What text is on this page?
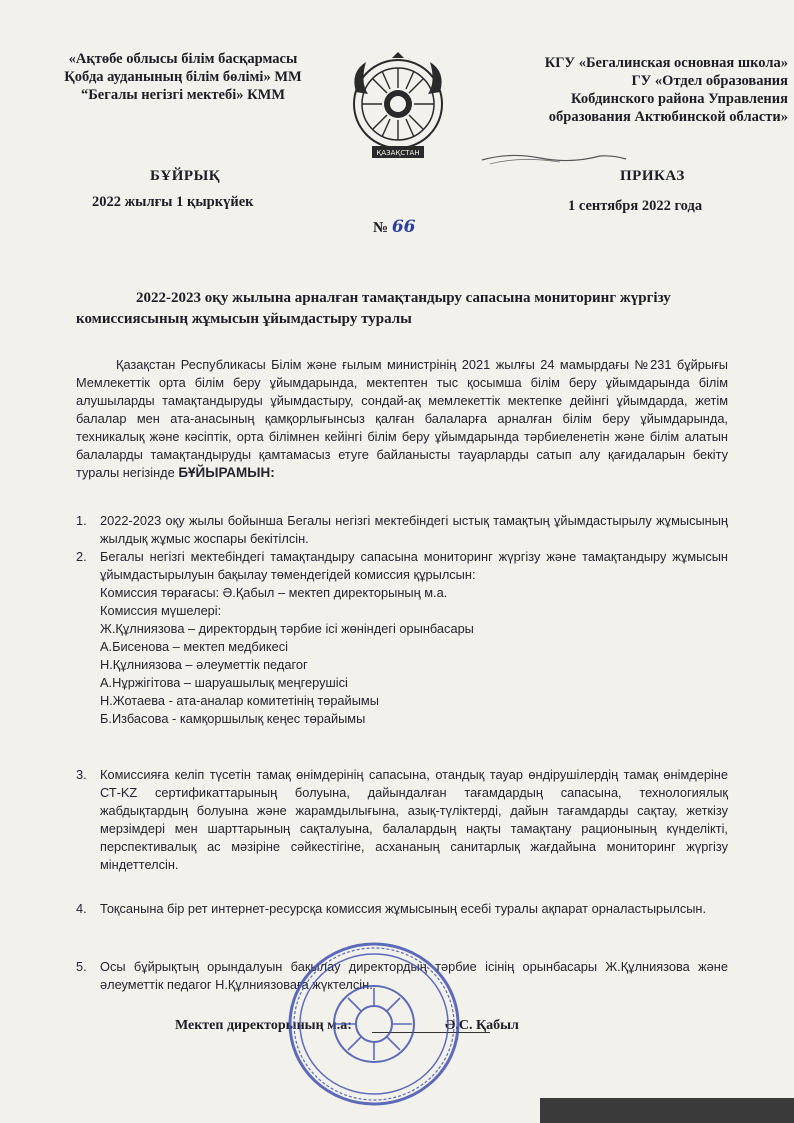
«Ақтөбе облысы білім басқармасы
Қобда ауданының білім бөлімі» ММ
“Бегалы негізгі мектебі» КММ
ҚАЗАҚСТАН
КГУ «Бегалинская основная школа»
ГУ «Отдел образования
Кобдинского района Управления
образования Актюбинской области»
БҰЙРЫҚ	ПРИКАЗ
2022 жылғы 1 қыркүйек	1 сентября 2022 года
№ 66
2022-2023 оқу жылына арналған тамақтандыру сапасына мониторинг жүргізу
комиссиясының жұмысын ұйымдастыру туралы
Қазақстан Республикасы Білім және ғылым министрінің 2021 жылғы 24 мамырдағы №231 бұйрығы Мемлекеттік орта білім беру ұйымдарында, мектептен тыс қосымша білім беру ұйымдарында білім алушыларды тамақтандыруды ұйымдастыру, сондай-ақ мемлекеттік мектепке дейінгі ұйымдарда, жетім балалар мен ата-анасының қамқорлығынсыз қалған балаларға арналған білім беру ұйымдарында, техникалық және кәсіптік, орта білімнен кейінгі білім беру ұйымдарында тәрбиеленетін және білім алатын балаларды тамақтандыруды қамтамасыз етуге байланысты тауарларды сатып алу қағидаларын бекіту туралы негізінде БҰЙЫРАМЫН:
1.	2022-2023 оқу жылы бойынша Бегалы негізгі мектебіндегі ыстық тамақтың ұйымдастырылу жұмысының жылдық жұмыс жоспары бекітілсін.
2.	Бегалы негізгі мектебіндегі тамақтандыру сапасына мониторинг жүргізу және тамақтандыру жұмысын ұйымдастырылуын бақылау төмендегідей комиссия құрылсын:
Комиссия төрағасы: Ә.Қабыл – мектеп директорының м.а.
Комиссия мүшелері:
Ж.Құлниязова – директордың тәрбие ісі жөніндегі орынбасары
А.Бисенова – мектеп медбикесі
Н.Құлниязова – әлеуметтік педагог
А.Нұржігітова – шаруашылық меңгерушісі
Н.Жотаева - ата-аналар комитетінің төрайымы
Б.Избасова - камқоршылық кеңес төрайымы
3.	Комиссияға келіп түсетін тамақ өнімдерінің сапасына, отандық тауар өндірушілердің тамақ өнімдеріне СТ-KZ сертификаттарының болуына, дайындалған тағамдардың сапасына, технологиялық жабдықтардың болуына және жарамдылығына, азық-түліктерді, дайын тағамдарды сақтау, жеткізу мерзімдері мен шарттарының сақталуына, балалардың нақты тамақтану рационының күнделікті, перспективалық ас мәзіріне сәйкестігіне, асхананың санитарлық жағдайына мониторинг жүргізу міндеттелсін.
4.	Тоқсанына бір рет интернет-ресурсқа комиссия жұмысының есебі туралы ақпарат орналастырылсын.
5.	Осы бұйрықтың орындалуын бақылау директордың тәрбие ісінің орынбасары Ж.Құлниязова және әлеуметтік педагог Н.Құлниязоваға жүктелсін.
Мектеп директорының м.а:	Ә.С. Қабыл
